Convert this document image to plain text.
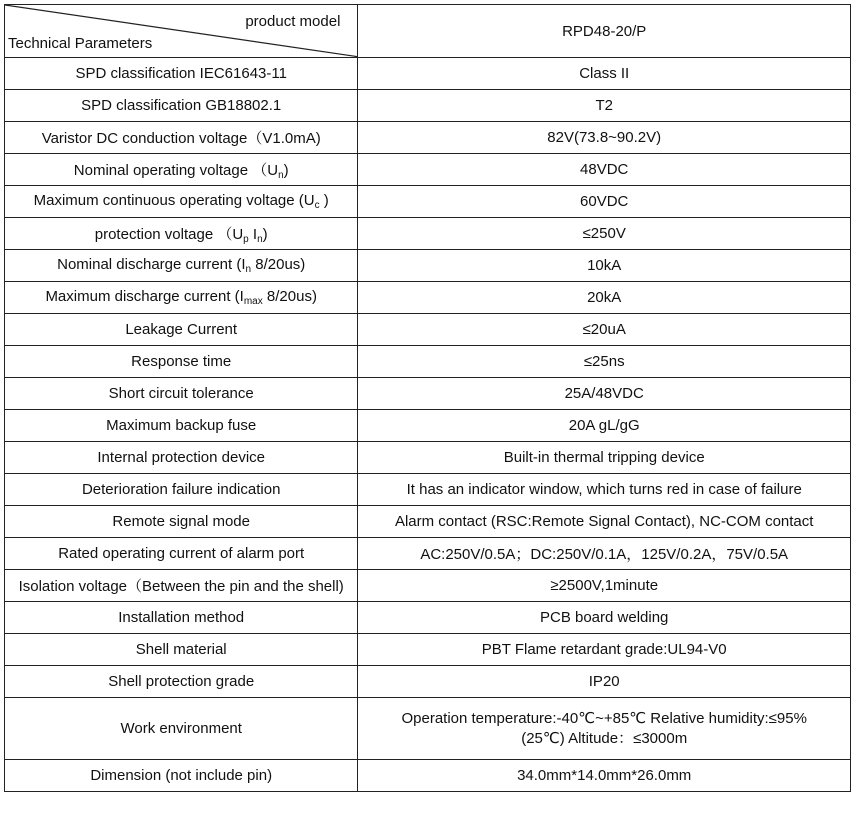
product model
Technical Parameters	RPD48-20/P
SPD classification IEC61643-11	Class II
SPD classification GB18802.1	T2
Varistor DC conduction voltage（V1.0mA)	82V(73.8~90.2V)
Nominal operating voltage $(U_n)$	48VDC
Maximum continuous operating voltage ($U_c$ )	60VDC
protection voltage （$U_p$ $I_n$)	≤250V
Nominal discharge current ($I_n$ 8/20us)	10kA
Maximum discharge current ($I_{max}$ 8/20us)	20kA
Leakage Current	≤20uA
Response time	≤25ns
Short circuit tolerance	25A/48VDC
Maximum backup fuse	20A gL/gG
Internal protection device	Built-in thermal tripping device
Deterioration failure indication	It has an indicator window, which turns red in case of failure
Remote signal mode	Alarm contact (RSC:Remote Signal Contact), NC-COM contact
Rated operating current of alarm port	AC:250V/0.5A；DC:250V/0.1A，125V/0.2A，75V/0.5A
Isolation voltage（Between the pin and the shell)	≥2500V,1minute
Installation method	PCB board welding
Shell material	PBT Flame retardant grade:UL94-V0
Shell protection grade	IP20
Work environment	Operation temperature:-40℃~+85℃ Relative humidity:≤95%
(25℃) Altitude：≤3000m

Dimension (not include pin)	34.0mm*14.0mm*26.0mm
